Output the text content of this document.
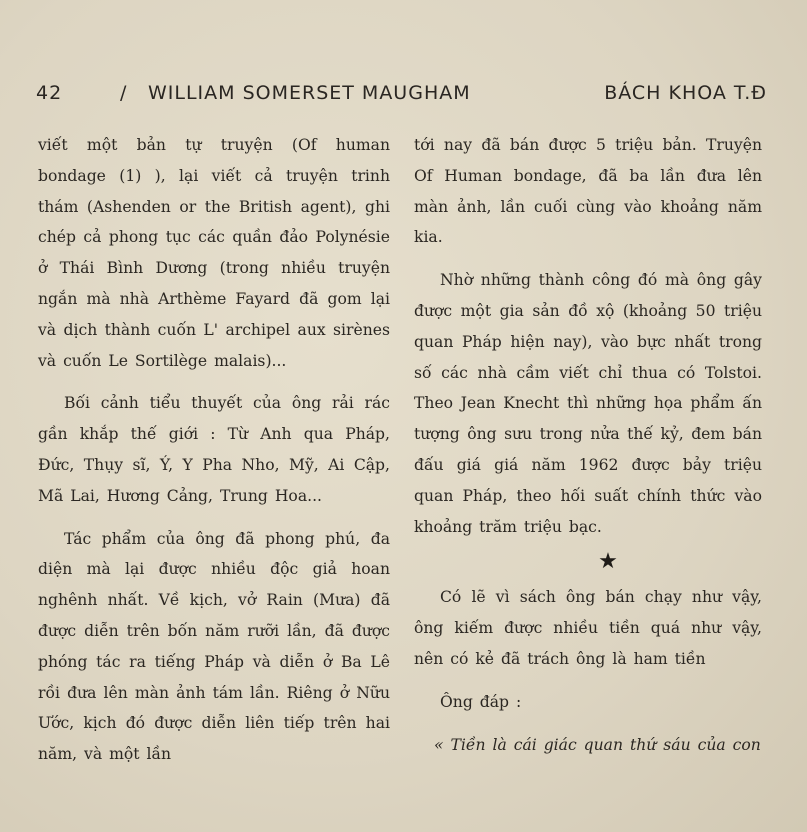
42	/ WILLIAM SOMERSET MAUGHAM	BÁCH KHOA T.Đ

viết một bản tự truyện (Of human bondage (1) ), lại viết cả truyện trinh thám (Ashenden or the British agent), ghi chép cả phong tục các quần đảo Polynésie ở Thái Bình Dương (trong nhiều truyện ngắn mà nhà Arthème Fayard đã gom lại và dịch thành cuốn L' archipel aux sirènes và cuốn Le Sortilège malais)...

Bối cảnh tiểu thuyết của ông rải rác gần khắp thế giới : Từ Anh qua Pháp, Đức, Thụy sĩ, Ý, Y Pha Nho, Mỹ, Ai Cập, Mã Lai, Hương Cảng, Trung Hoa...

Tác phẩm của ông đã phong phú, đa diện mà lại được nhiều độc giả hoan nghênh nhất. Về kịch, vở Rain (Mưa) đã được diễn trên bốn năm rưỡi lần, đã được phóng tác ra tiếng Pháp và diễn ở Ba Lê rồi đưa lên màn ảnh tám lần. Riêng ở Nữu Ước, kịch đó được diễn liên tiếp trên hai năm, và một lần

tới nay đã bán được 5 triệu bản. Truyện Of Human bondage, đã ba lần đưa lên màn ảnh, lần cuối cùng vào khoảng năm kia.

Nhờ những thành công đó mà ông gây được một gia sản đồ xộ (khoảng 50 triệu quan Pháp hiện nay), vào bực nhất trong số các nhà cầm viết chỉ thua có Tolstoi. Theo Jean Knecht thì những họa phẩm ấn tượng ông sưu trong nửa thế kỷ, đem bán đấu giá giá năm 1962 được bảy triệu quan Pháp, theo hối suất chính thức vào khoảng trăm triệu bạc.

★

Có lẽ vì sách ông bán chạy như vậy, ông kiếm được nhiều tiền quá như vậy, nên có kẻ đã trách ông là ham tiền

Ông đáp :

« Tiền là cái giác quan thứ sáu của con
